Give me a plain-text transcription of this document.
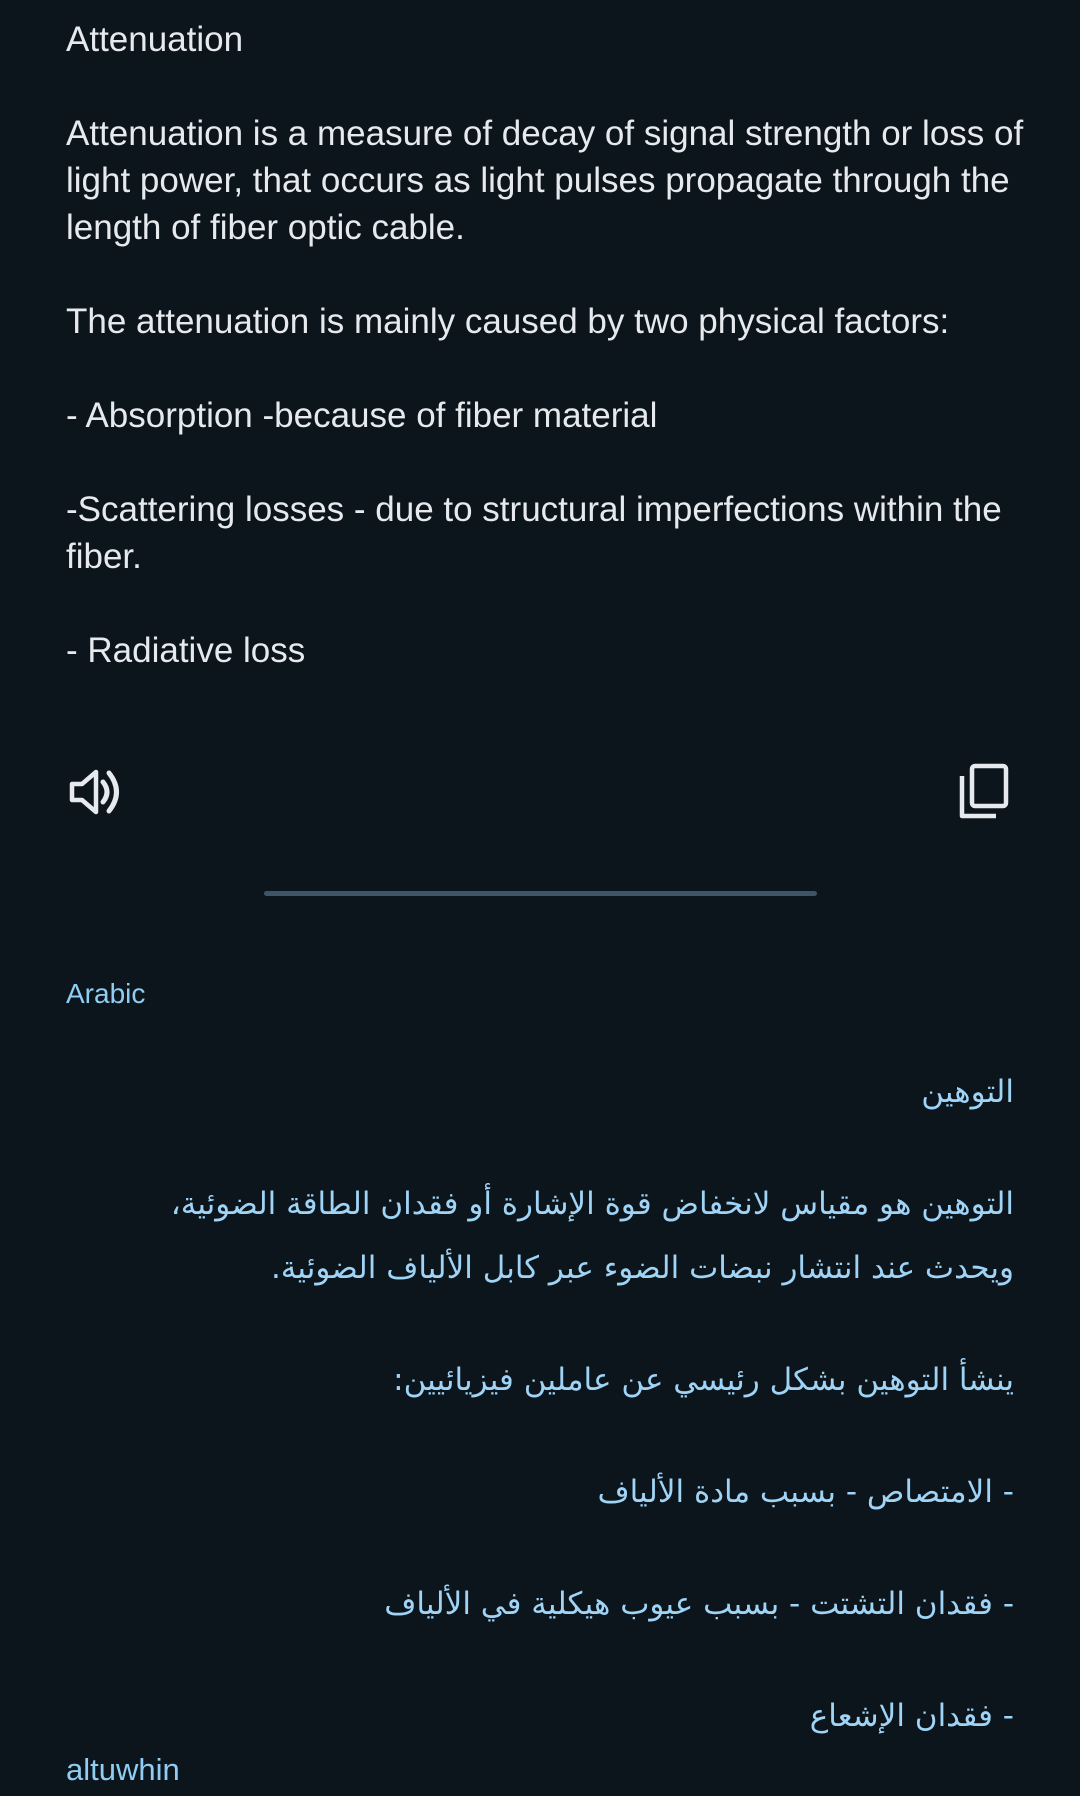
Attenuation

Attenuation is a measure of decay of signal strength or loss of light power, that occurs as light pulses propagate through the length of fiber optic cable.

The attenuation is mainly caused by two physical factors:

- Absorption -because of fiber material

-Scattering losses - due to structural imperfections within the fiber.

- Radiative loss

Arabic

التوهين

التوهين هو مقياس لانخفاض قوة الإشارة أو فقدان الطاقة الضوئية، ويحدث عند انتشار نبضات الضوء عبر كابل الألياف الضوئية.

ينشأ التوهين بشكل رئيسي عن عاملين فيزيائيين:

- الامتصاص - بسبب مادة الألياف

- فقدان التشتت - بسبب عيوب هيكلية في الألياف

- فقدان الإشعاع

altuwhin
